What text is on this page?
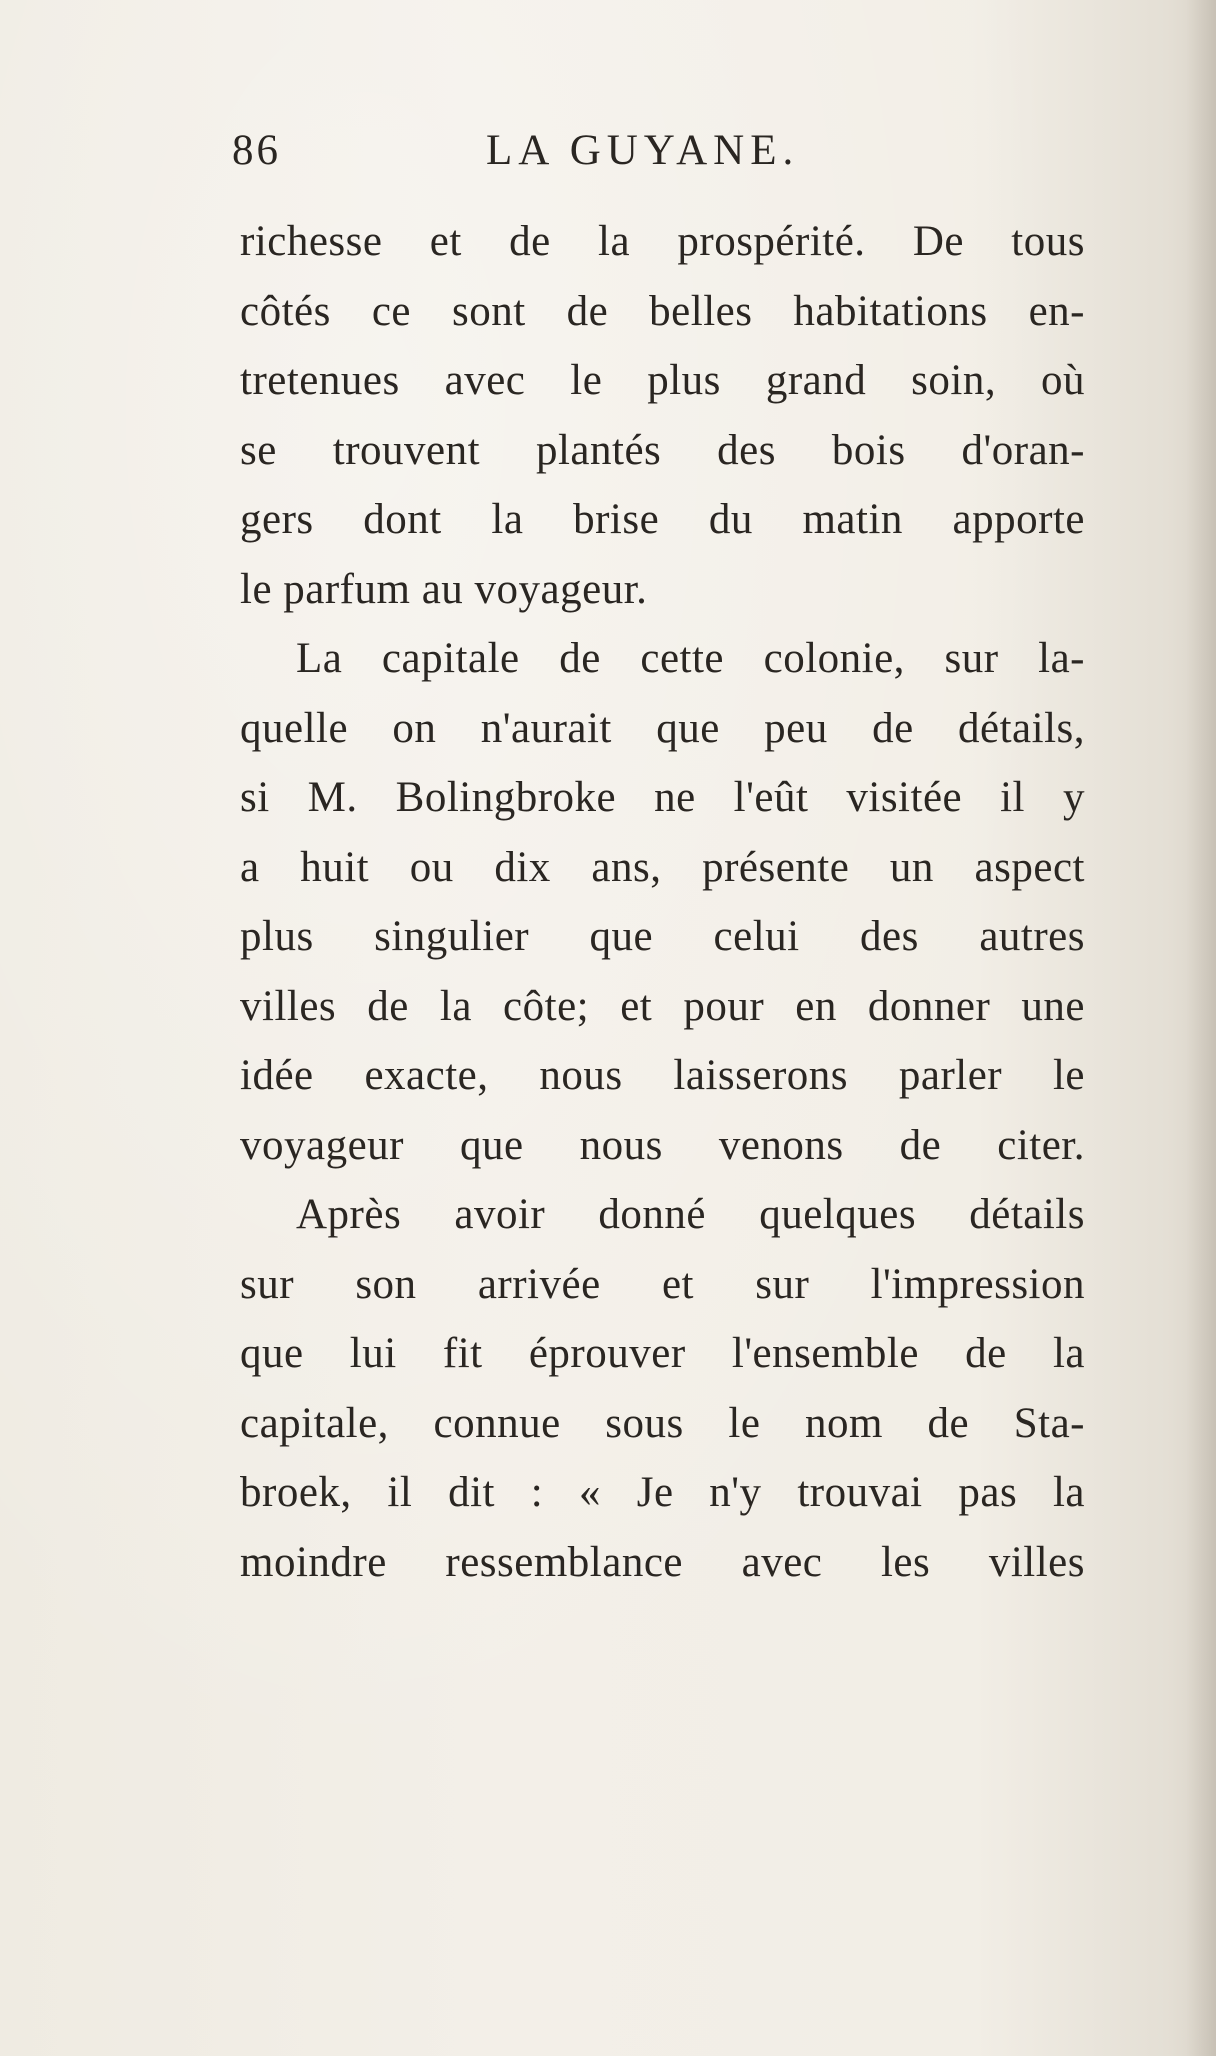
86	LA GUYANE.
richesse et de la prospérité. De tous
côtés ce sont de belles habitations en-
tretenues avec le plus grand soin, où
se trouvent plantés des bois d'oran-
gers dont la brise du matin apporte
le parfum au voyageur.
La capitale de cette colonie, sur la-
quelle on n'aurait que peu de détails,
si M. Bolingbroke ne l'eût visitée il y
a huit ou dix ans, présente un aspect
plus singulier que celui des autres
villes de la côte; et pour en donner une
idée exacte, nous laisserons parler le
voyageur que nous venons de citer.
Après avoir donné quelques détails
sur son arrivée et sur l'impression
que lui fit éprouver l'ensemble de la
capitale, connue sous le nom de Sta-
broek, il dit : « Je n'y trouvai pas la
moindre ressemblance avec les villes
